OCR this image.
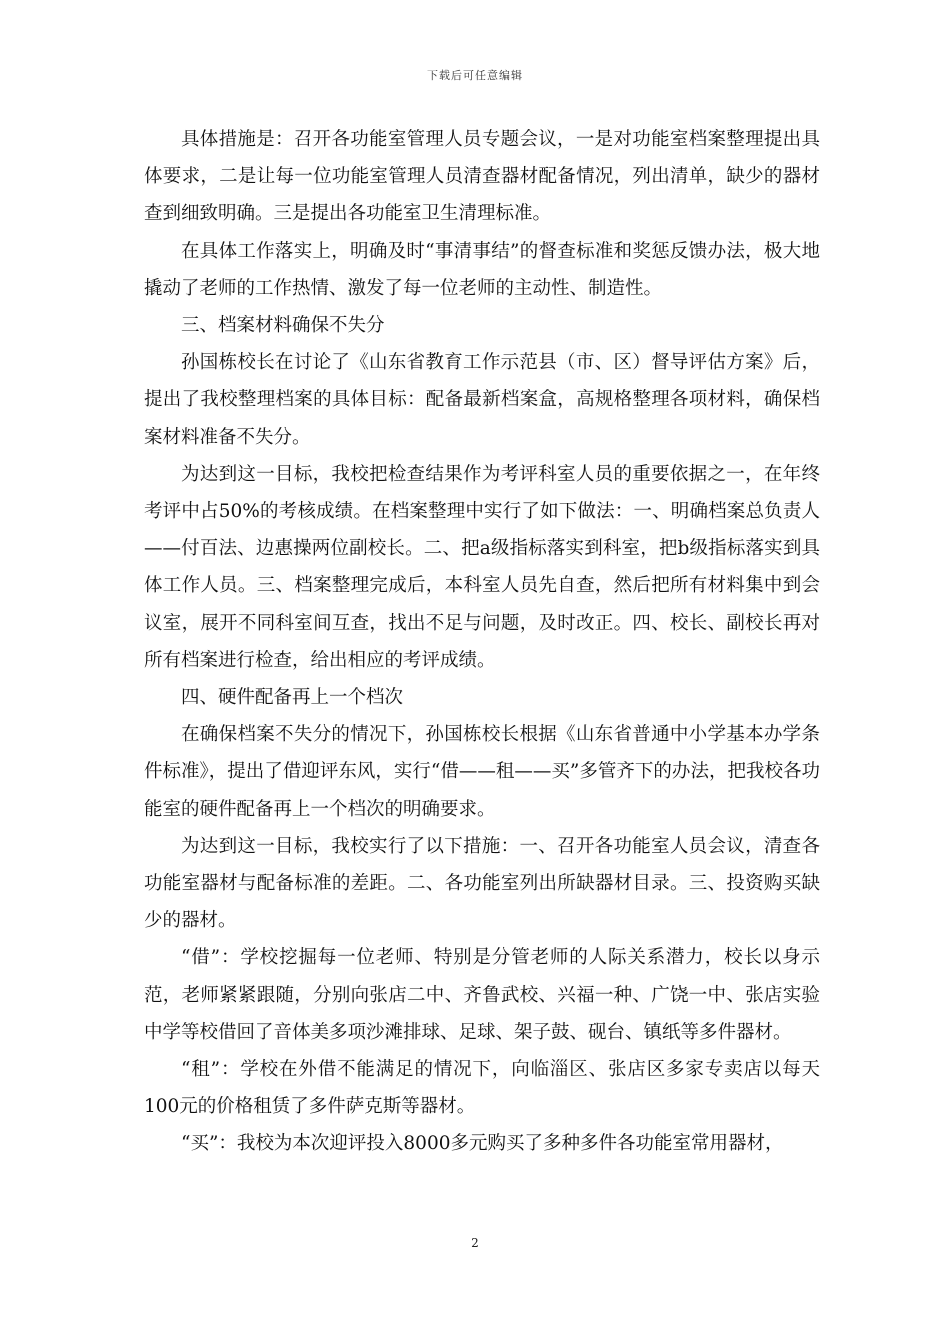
下载后可任意编辑

具体措施是：召开各功能室管理人员专题会议，一是对功能室档案整理提出具体要求，二是让每一位功能室管理人员清查器材配备情况，列出清单，缺少的器材查到细致明确。三是提出各功能室卫生清理标准。

在具体工作落实上，明确及时“事清事结”的督查标准和奖惩反馈办法，极大地撬动了老师的工作热情、激发了每一位老师的主动性、制造性。

三、档案材料确保不失分

孙国栋校长在讨论了《山东省教育工作示范县（市、区）督导评估方案》后，提出了我校整理档案的具体目标：配备最新档案盒，高规格整理各项材料，确保档案材料准备不失分。

为达到这一目标，我校把检查结果作为考评科室人员的重要依据之一，在年终考评中占50%的考核成绩。在档案整理中实行了如下做法：一、明确档案总负责人——付百法、边惠操两位副校长。二、把a级指标落实到科室，把b级指标落实到具体工作人员。三、档案整理完成后，本科室人员先自查，然后把所有材料集中到会议室，展开不同科室间互查，找出不足与问题，及时改正。四、校长、副校长再对所有档案进行检查，给出相应的考评成绩。

四、硬件配备再上一个档次

在确保档案不失分的情况下，孙国栋校长根据《山东省普通中小学基本办学条件标准》，提出了借迎评东风，实行“借——租——买”多管齐下的办法，把我校各功能室的硬件配备再上一个档次的明确要求。

为达到这一目标，我校实行了以下措施：一、召开各功能室人员会议，清查各功能室器材与配备标准的差距。二、各功能室列出所缺器材目录。三、投资购买缺少的器材。

“借”：学校挖掘每一位老师、特别是分管老师的人际关系潜力，校长以身示范，老师紧紧跟随，分别向张店二中、齐鲁武校、兴福一种、广饶一中、张店实验中学等校借回了音体美多项沙滩排球、足球、架子鼓、砚台、镇纸等多件器材。

“租”：学校在外借不能满足的情况下，向临淄区、张店区多家专卖店以每天100元的价格租赁了多件萨克斯等器材。

“买”：我校为本次迎评投入8000多元购买了多种多件各功能室常用器材，

2
